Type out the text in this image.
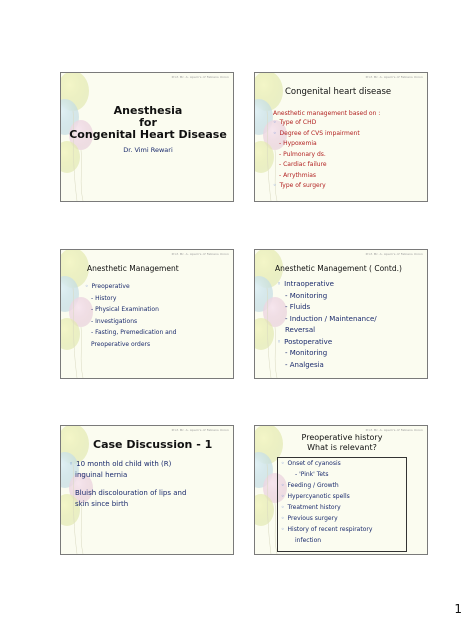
Prof. Mr. A. Apem's of Fabians Union
Anesthesia
for
Congenital Heart Disease
Dr. Vimi Rewari
Prof. Mr. A. Apem's of Fabians Union
Congenital heart disease
Anesthetic management based on :
◦ Type of CHD
◦ Degree of CVS impairment
- Hypoxemia
- Pulmonary ds.
- Cardiac failure
- Arrythmias
◦ Type of surgery
Prof. Mr. A. Apem's of Fabians Union
Anesthetic Management
◦ Preoperative
- History
- Physical Examination
- Investigations
- Fasting, Premedication and
Preoperative orders
Prof. Mr. A. Apem's of Fabians Union
Anesthetic Management ( Contd.)
◦ Intraoperative
- Monitoring
- Fluids
- Induction / Maintenance/
Reversal
◦ Postoperative
- Monitoring
- Analgesia
Prof. Mr. A. Apem's of Fabians Union
Case Discussion - 1
◦ 10 month old child with (R)
inguinal hernia
Bluish discolouration of lips and
skin since birth
Prof. Mr. A. Apem's of Fabians Union
Preoperative history
What is relevant?
◦ Onset of cyanosis
- 'Pink' Tets
◦ Feeding / Growth
◦ Hypercyanotic spells
◦ Treatment history
◦ Previous surgery
◦ History of recent respiratory
infection
1
